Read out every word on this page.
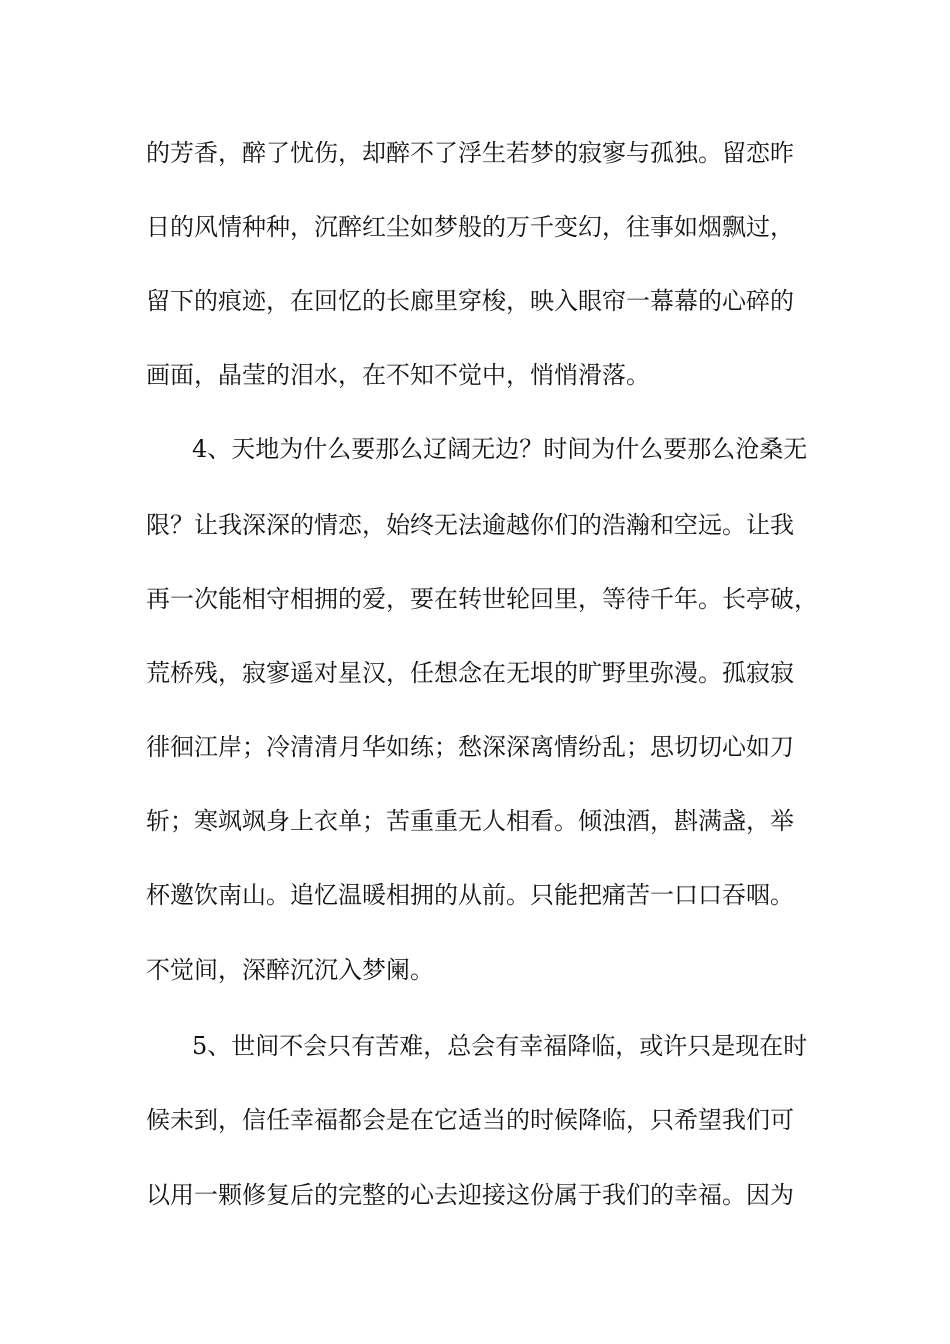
的芳香，醉了忧伤，却醉不了浮生若梦的寂寥与孤独。留恋昨
日的风情种种，沉醉红尘如梦般的万千变幻，往事如烟飘过，
留下的痕迹，在回忆的长廊里穿梭，映入眼帘一幕幕的心碎的
画面，晶莹的泪水，在不知不觉中，悄悄滑落。
4、天地为什么要那么辽阔无边？时间为什么要那么沧桑无
限？让我深深的情恋，始终无法逾越你们的浩瀚和空远。让我
再一次能相守相拥的爱，要在转世轮回里，等待千年。长亭破，
荒桥残，寂寥遥对星汉，任想念在无垠的旷野里弥漫。孤寂寂
徘徊江岸；冷清清月华如练；愁深深离情纷乱；思切切心如刀
斩；寒飒飒身上衣单；苦重重无人相看。倾浊酒，斟满盏，举
杯邀饮南山。追忆温暖相拥的从前。只能把痛苦一口口吞咽。
不觉间，深醉沉沉入梦阑。
5、世间不会只有苦难，总会有幸福降临，或许只是现在时
候未到，信任幸福都会是在它适当的时候降临，只希望我们可
以用一颗修复后的完整的心去迎接这份属于我们的幸福。因为
